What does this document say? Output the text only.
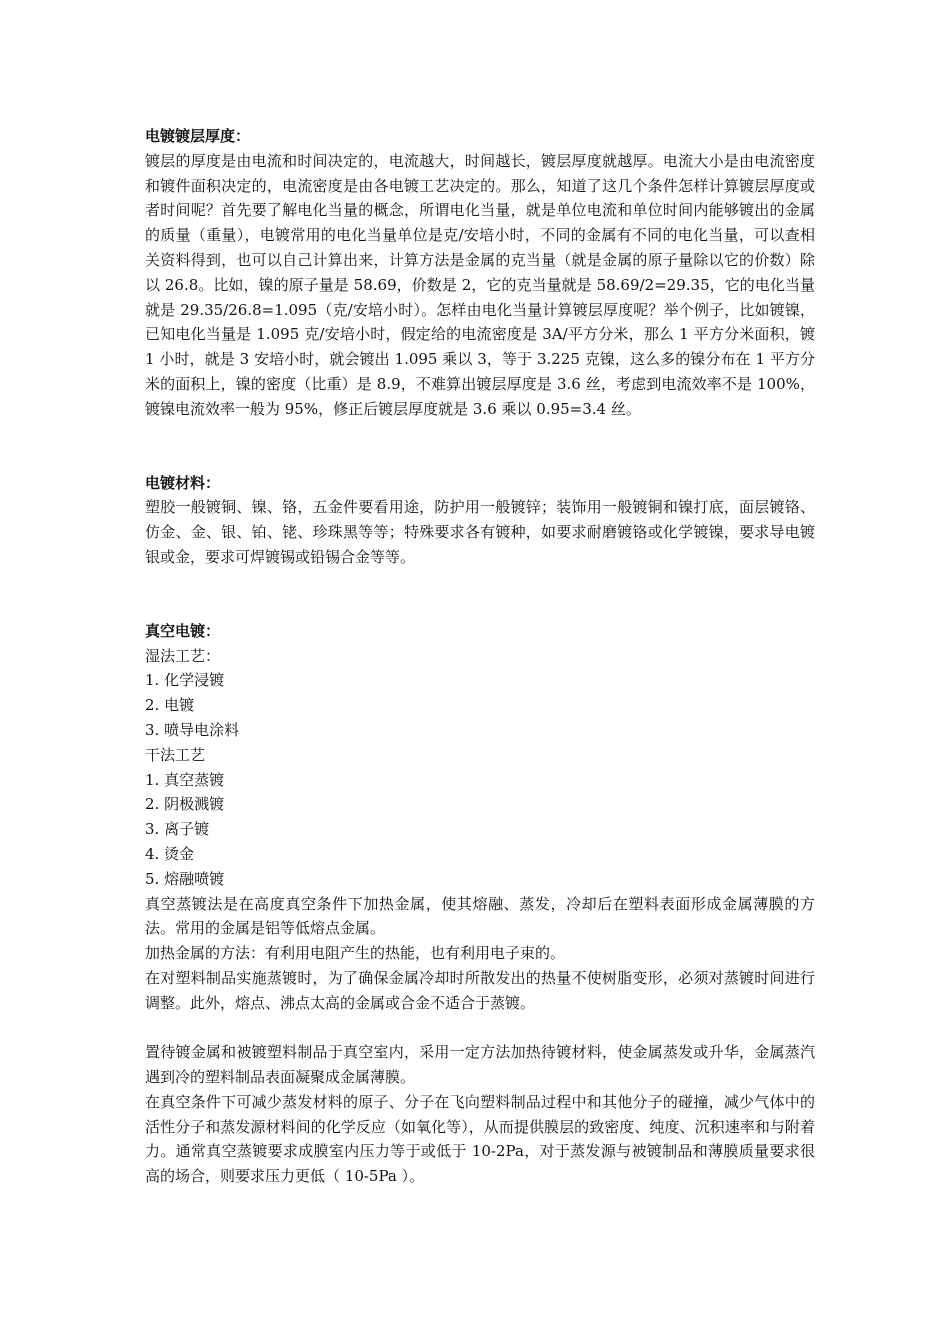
电镀镀层厚度：

镀层的厚度是由电流和时间决定的，电流越大，时间越长，镀层厚度就越厚。电流大小是由电流密度和镀件面积决定的，电流密度是由各电镀工艺决定的。那么，知道了这几个条件怎样计算镀层厚度或者时间呢？首先要了解电化当量的概念，所谓电化当量，就是单位电流和单位时间内能够镀出的金属的质量（重量），电镀常用的电化当量单位是克/安培小时，不同的金属有不同的电化当量，可以查相关资料得到，也可以自己计算出来，计算方法是金属的克当量（就是金属的原子量除以它的价数）除以 26.8。比如，镍的原子量是 58.69，价数是 2，它的克当量就是 58.69/2=29.35，它的电化当量就是 29.35/26.8=1.095（克/安培小时）。怎样由电化当量计算镀层厚度呢？举个例子，比如镀镍，已知电化当量是 1.095 克/安培小时，假定给的电流密度是 3A/平方分米，那么 1 平方分米面积，镀 1 小时，就是 3 安培小时，就会镀出 1.095 乘以 3，等于 3.225 克镍，这么多的镍分布在 1 平方分米的面积上，镍的密度（比重）是 8.9，不难算出镀层厚度是 3.6 丝，考虑到电流效率不是 100%，镀镍电流效率一般为 95%，修正后镀层厚度就是 3.6 乘以 0.95=3.4 丝。

电镀材料：

塑胶一般镀铜、镍、铬，五金件要看用途，防护用一般镀锌；装饰用一般镀铜和镍打底，面层镀铬、仿金、金、银、铂、铑、珍珠黑等等；特殊要求各有镀种，如要求耐磨镀铬或化学镀镍，要求导电镀银或金，要求可焊镀锡或铅锡合金等等。

真空电镀：

湿法工艺：

1. 化学浸镀

2. 电镀

3. 喷导电涂料

干法工艺

1. 真空蒸镀

2. 阴极溅镀

3. 离子镀

4. 烫金

5. 熔融喷镀

真空蒸镀法是在高度真空条件下加热金属，使其熔融、蒸发，冷却后在塑料表面形成金属薄膜的方法。常用的金属是铝等低熔点金属。

加热金属的方法：有利用电阻产生的热能，也有利用电子束的。

在对塑料制品实施蒸镀时，为了确保金属冷却时所散发出的热量不使树脂变形，必须对蒸镀时间进行调整。此外，熔点、沸点太高的金属或合金不适合于蒸镀。

置待镀金属和被镀塑料制品于真空室内，采用一定方法加热待镀材料，使金属蒸发或升华，金属蒸汽遇到冷的塑料制品表面凝聚成金属薄膜。

在真空条件下可减少蒸发材料的原子、分子在飞向塑料制品过程中和其他分子的碰撞，减少气体中的活性分子和蒸发源材料间的化学反应（如氧化等），从而提供膜层的致密度、纯度、沉积速率和与附着力。通常真空蒸镀要求成膜室内压力等于或低于 10-2Pa，对于蒸发源与被镀制品和薄膜质量要求很高的场合，则要求压力更低（ 10-5Pa ）。
